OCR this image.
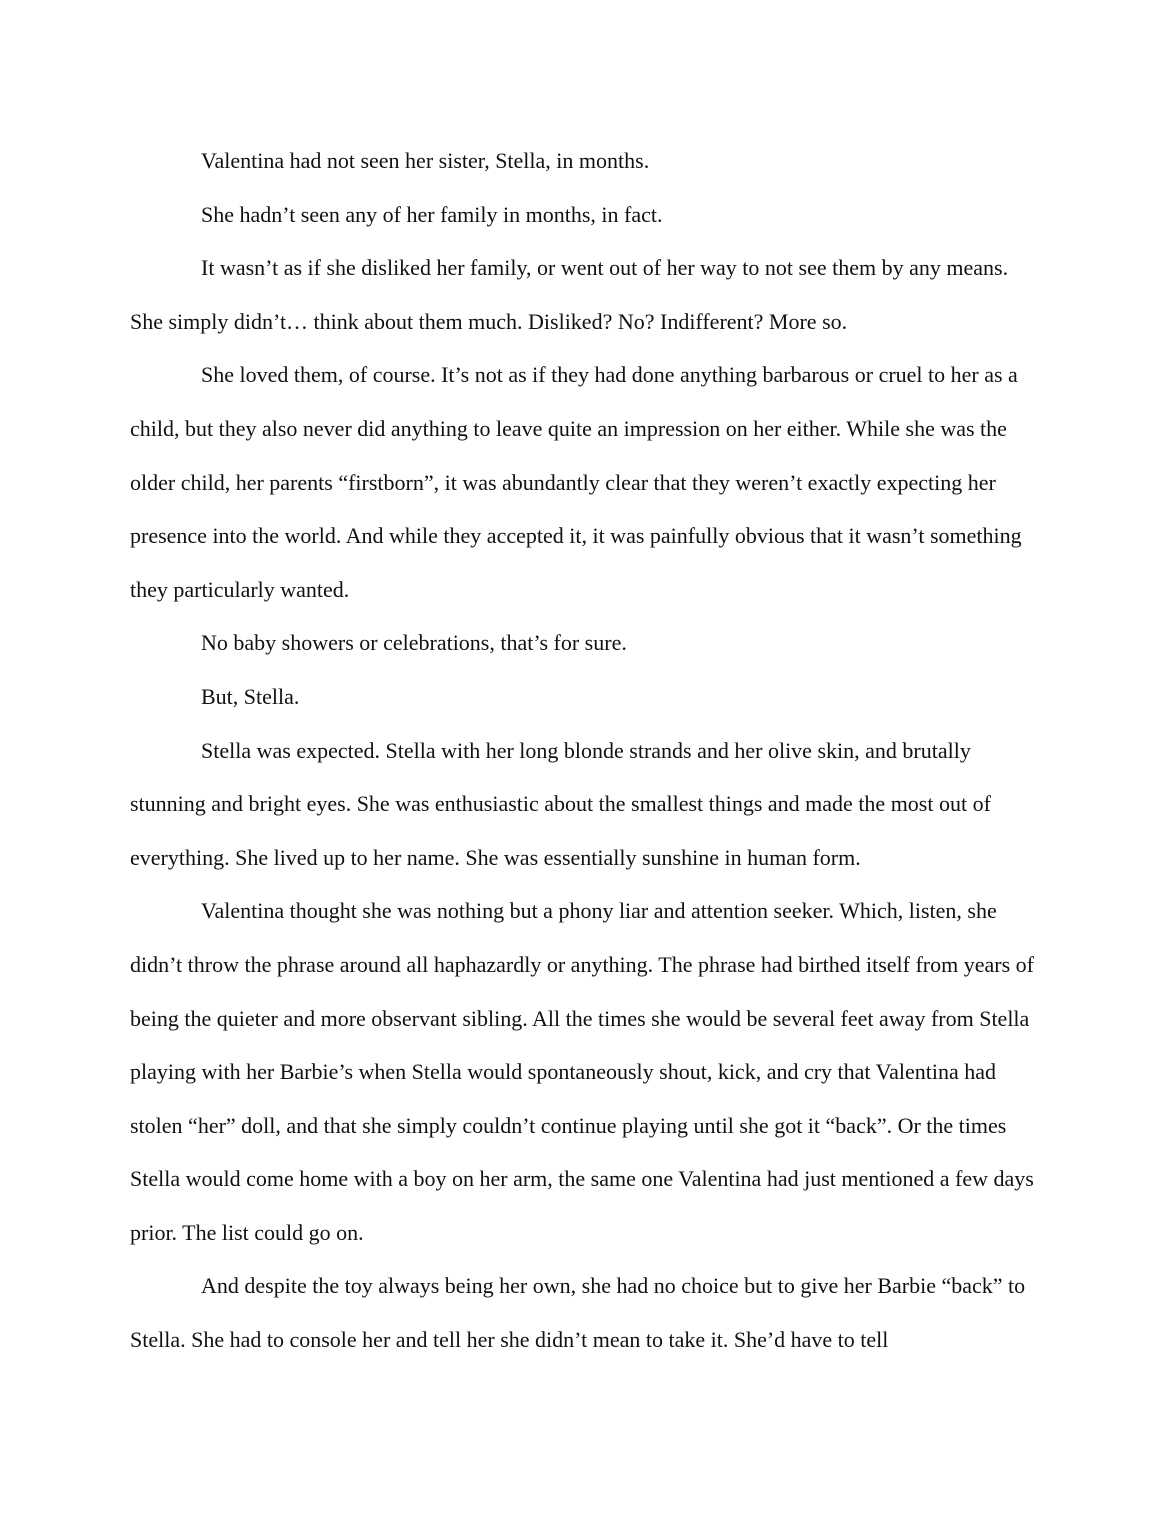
Valentina had not seen her sister, Stella, in months.

She hadn’t seen any of her family in months, in fact.

It wasn’t as if she disliked her family, or went out of her way to not see them by any means. She simply didn’t… think about them much. Disliked? No? Indifferent? More so.

She loved them, of course. It’s not as if they had done anything barbarous or cruel to her as a child, but they also never did anything to leave quite an impression on her either. While she was the older child, her parents “firstborn”, it was abundantly clear that they weren’t exactly expecting her presence into the world. And while they accepted it, it was painfully obvious that it wasn’t something they particularly wanted.

No baby showers or celebrations, that’s for sure.

But, Stella.

Stella was expected. Stella with her long blonde strands and her olive skin, and brutally stunning and bright eyes. She was enthusiastic about the smallest things and made the most out of everything. She lived up to her name. She was essentially sunshine in human form.

Valentina thought she was nothing but a phony liar and attention seeker. Which, listen, she didn’t throw the phrase around all haphazardly or anything. The phrase had birthed itself from years of being the quieter and more observant sibling. All the times she would be several feet away from Stella playing with her Barbie’s when Stella would spontaneously shout, kick, and cry that Valentina had stolen “her” doll, and that she simply couldn’t continue playing until she got it “back”. Or the times Stella would come home with a boy on her arm, the same one Valentina had just mentioned a few days prior. The list could go on.

And despite the toy always being her own, she had no choice but to give her Barbie “back” to Stella. She had to console her and tell her she didn’t mean to take it. She’d have to tell
